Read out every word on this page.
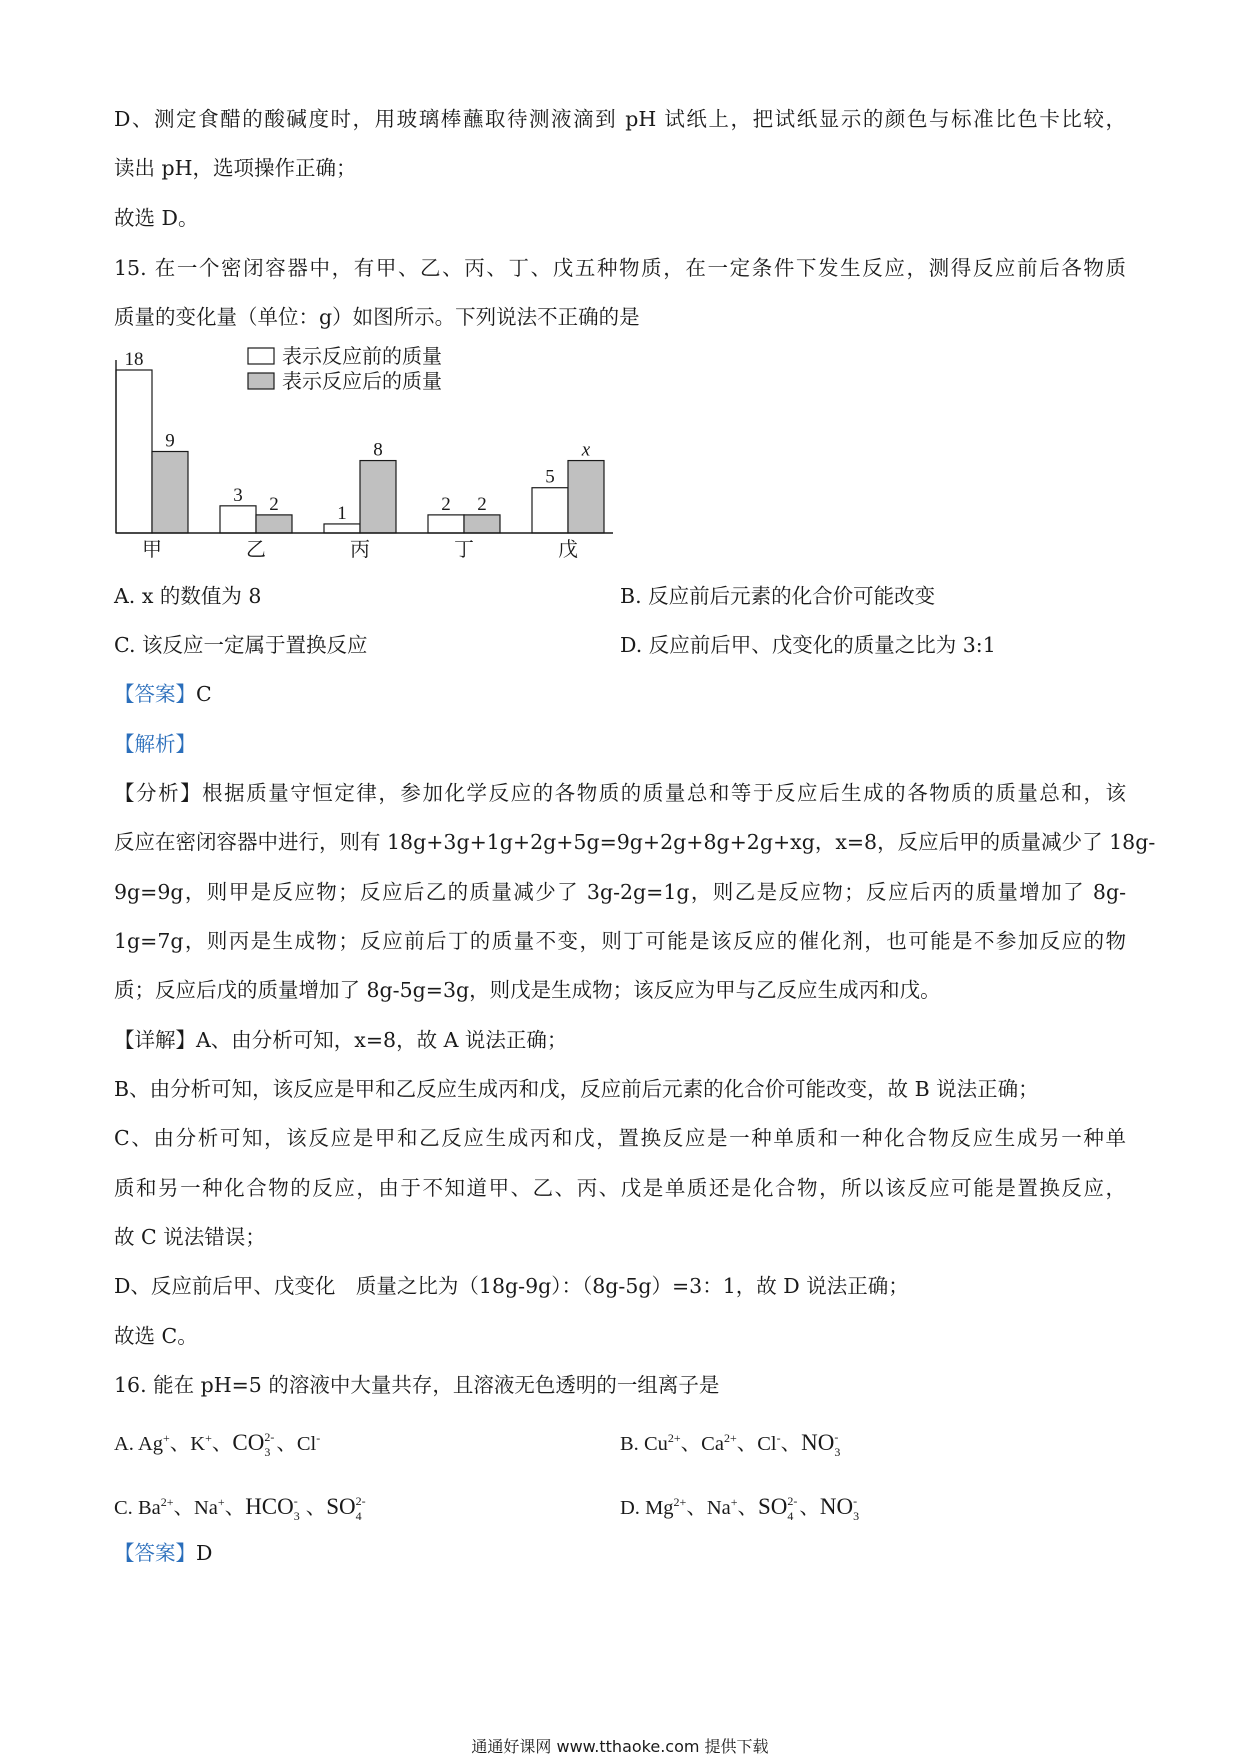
D、测定食醋的酸碱度时，用玻璃棒蘸取待测液滴到 pH 试纸上，把试纸显示的颜色与标准比色卡比较，
读出 pH，选项操作正确；
故选 D。
15. 在一个密闭容器中，有甲、乙、丙、丁、戊五种物质，在一定条件下发生反应，测得反应前后各物质
质量的变化量（单位：g）如图所示。下列说法不正确的是
表示反应前的质量
表示反应后的质量
18
9
甲
3 2
乙
1
8
丙
2 2
丁
5
x
戊
A. x 的数值为 8	B. 反应前后元素的化合价可能改变
C. 该反应一定属于置换反应	D. 反应前后甲、戊变化的质量之比为 3:1
【答案】C
【解析】
【分析】根据质量守恒定律，参加化学反应的各物质的质量总和等于反应后生成的各物质的质量总和，该
反应在密闭容器中进行，则有 18g+3g+1g+2g+5g=9g+2g+8g+2g+xg，x=8，反应后甲的质量减少了 18g-
9g=9g，则甲是反应物；反应后乙的质量减少了 3g-2g=1g，则乙是反应物；反应后丙的质量增加了 8g-
1g=7g，则丙是生成物；反应前后丁的质量不变，则丁可能是该反应的催化剂，也可能是不参加反应的物
质；反应后戊的质量增加了 8g-5g=3g，则戊是生成物；该反应为甲与乙反应生成丙和戊。
【详解】A、由分析可知，x=8，故 A 说法正确；
B、由分析可知，该反应是甲和乙反应生成丙和戊，反应前后元素的化合价可能改变，故 B 说法正确；
C、由分析可知，该反应是甲和乙反应生成丙和戊，置换反应是一种单质和一种化合物反应生成另一种单
质和另一种化合物的反应，由于不知道甲、乙、丙、戊是单质还是化合物，所以该反应可能是置换反应，
故 C 说法错误；
D、反应前后甲、戊变化　质量之比为（18g-9g）：（8g-5g）=3：1，故 D 说法正确；
故选 C。
16. 能在 pH=5 的溶液中大量共存，且溶液无色透明的一组离子是
A. Ag+、K+、CO 2-
3 、Cl-	B. $Cu^{2+}$、$Ca^{2+}$、Cl-、NO -
3
C. $Ba^{2+}$、Na+、HCO -
3 、SO 2-
4	D. $Mg^{2+}$、Na+、SO 2-
4 、NO -
3
【答案】D
通通好课网 www.tthaoke.com 提供下载
